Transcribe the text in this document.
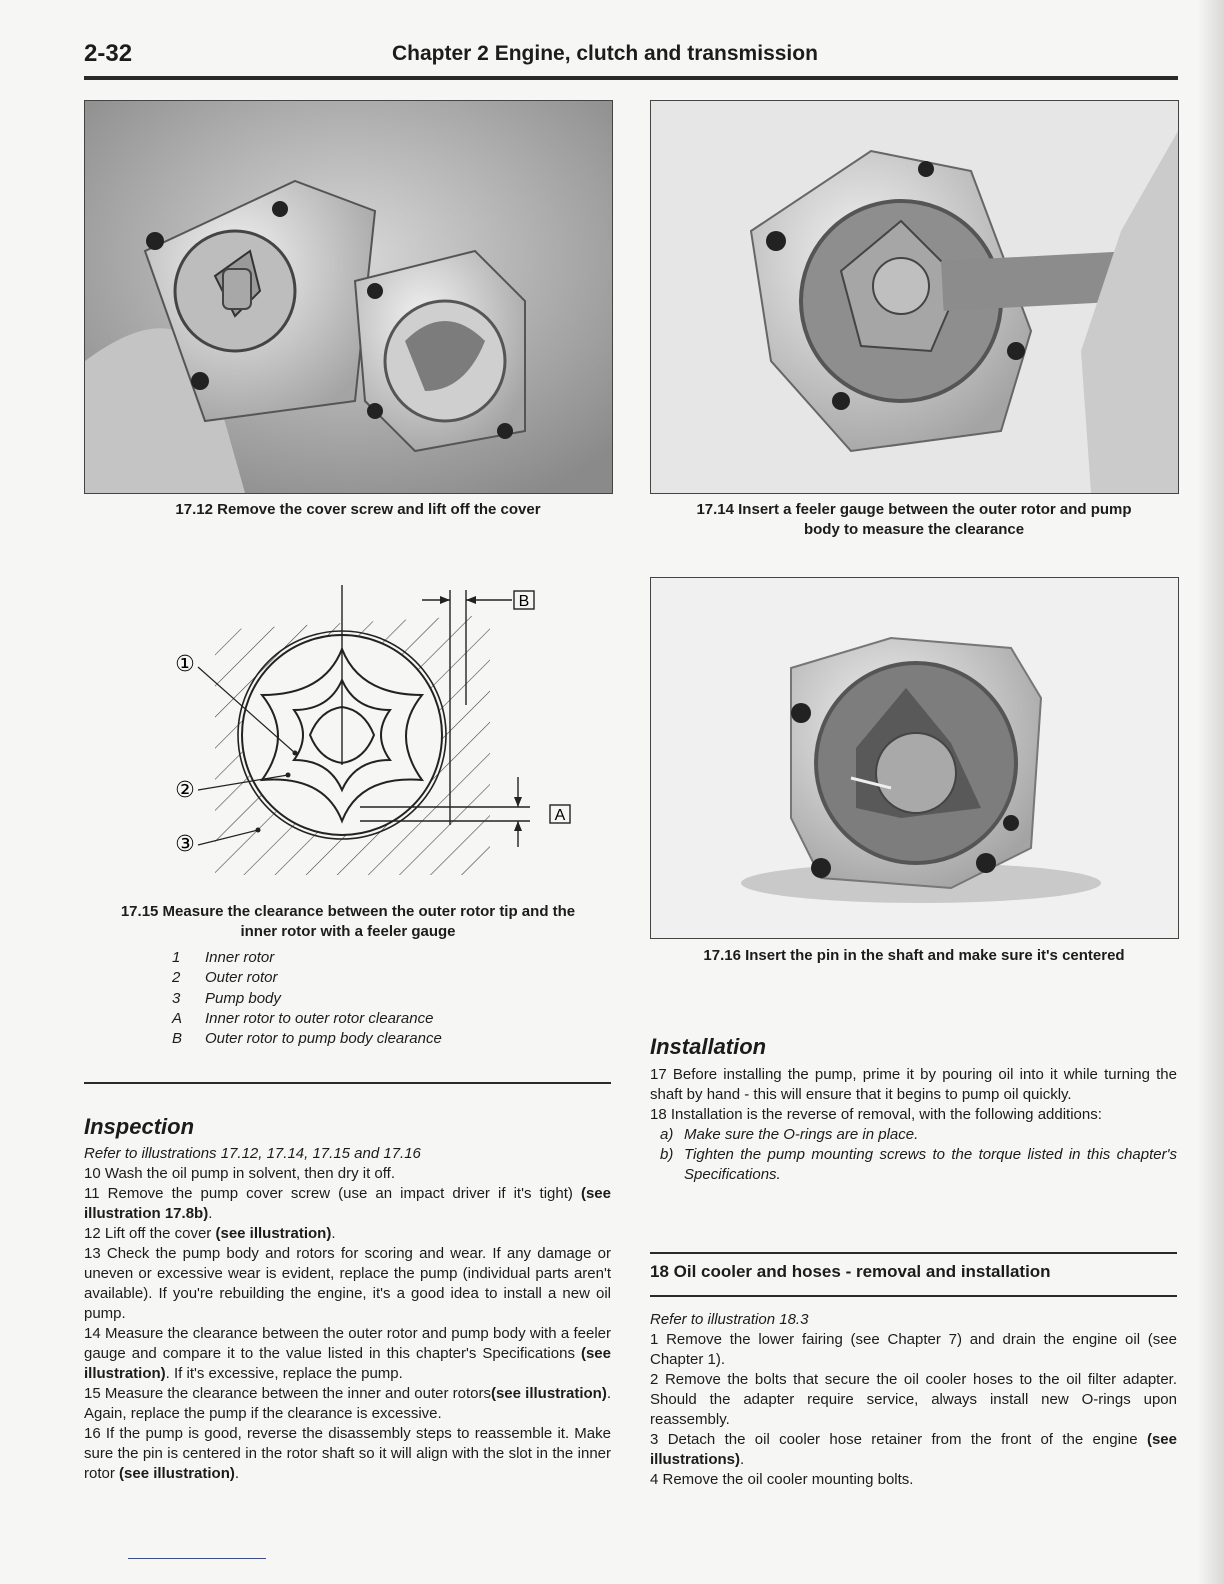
2-32	Chapter 2 Engine, clutch and transmission
17.12 Remove the cover screw and lift off the cover	17.14 Insert a feeler gauge between the outer rotor and pump
body to measure the clearance
B
A
①
②
③
17.15 Measure the clearance between the outer rotor tip and the
inner rotor with a feeler gauge
1	Inner rotor
2	Outer rotor
3	Pump body
A	Inner rotor to outer rotor clearance
B	Outer rotor to pump body clearance
17.16 Insert the pin in the shaft and make sure it's centered
Inspection

Refer to illustrations 17.12, 17.14, 17.15 and 17.16

10 Wash the oil pump in solvent, then dry it off.

11 Remove the pump cover screw (use an impact driver if it's tight) (see illustration 17.8b).

12 Lift off the cover (see illustration).

13 Check the pump body and rotors for scoring and wear. If any damage or uneven or excessive wear is evident, replace the pump (individual parts aren't available). If you're rebuilding the engine, it's a good idea to install a new oil pump.

14 Measure the clearance between the outer rotor and pump body with a feeler gauge and compare it to the value listed in this chapter's Specifications (see illustration). If it's excessive, replace the pump.

15 Measure the clearance between the inner and outer rotors(see illustration). Again, replace the pump if the clearance is excessive.

16 If the pump is good, reverse the disassembly steps to reassemble it. Make sure the pin is centered in the rotor shaft so it will align with the slot in the inner rotor (see illustration).

Installation

17 Before installing the pump, prime it by pouring oil into it while turning the shaft by hand - this will ensure that it begins to pump oil quickly.

18 Installation is the reverse of removal, with the following additions:

a) Make sure the O-rings are in place.
b) Tighten the pump mounting screws to the torque listed in this chapter's Specifications.
18 Oil cooler and hoses - removal and installation

Refer to illustration 18.3

1 Remove the lower fairing (see Chapter 7) and drain the engine oil (see Chapter 1).

2 Remove the bolts that secure the oil cooler hoses to the oil filter adapter. Should the adapter require service, always install new O-rings upon reassembly.

3 Detach the oil cooler hose retainer from the front of the engine (see illustrations).

4 Remove the oil cooler mounting bolts.
